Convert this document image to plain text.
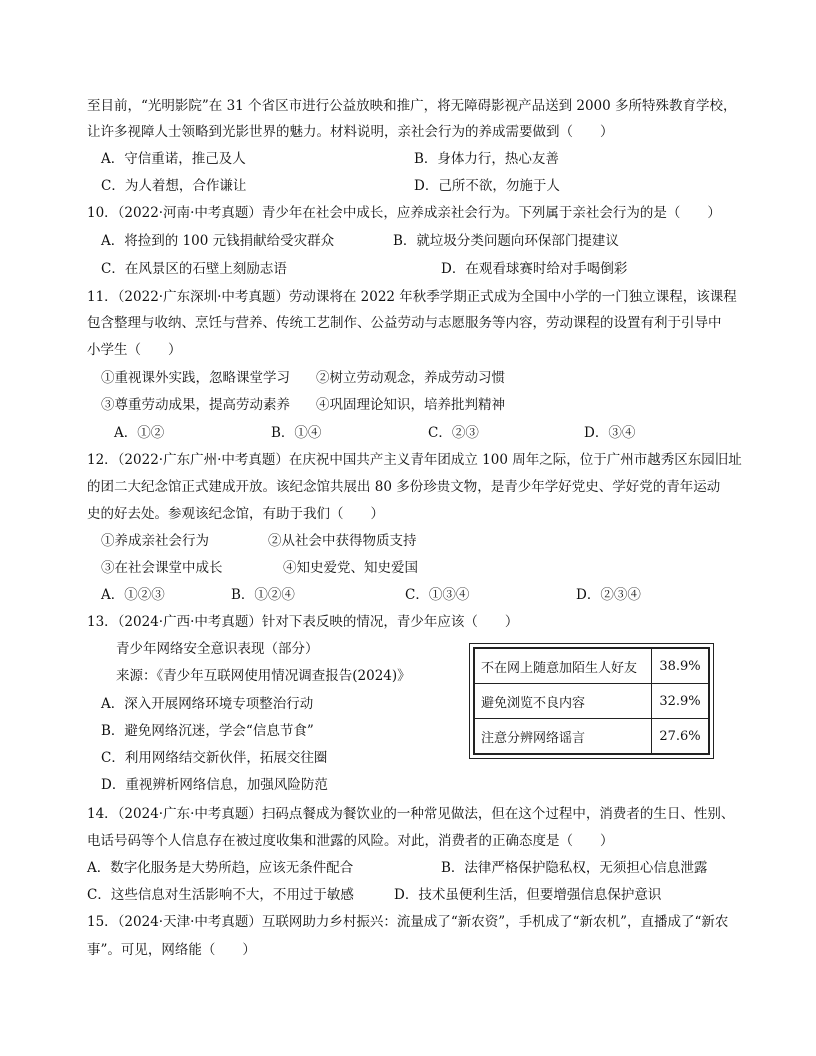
至目前，“光明影院”在 31 个省区市进行公益放映和推广，将无障碍影视产品送到 2000 多所特殊教育学校，
让许多视障人士领略到光影世界的魅力。材料说明，亲社会行为的养成需要做到（　　）
A．守信重诺，推己及人	B．身体力行，热心友善
C．为人着想，合作谦让	D．己所不欲，勿施于人
10．（2022·河南·中考真题）青少年在社会中成长，应养成亲社会行为。下列属于亲社会行为的是（　　）
A．将捡到的 100 元钱捐献给受灾群众	B．就垃圾分类问题向环保部门提建议
C．在风景区的石壁上刻励志语	D．在观看球赛时给对手喝倒彩
11．（2022·广东深圳·中考真题）劳动课将在 2022 年秋季学期正式成为全国中小学的一门独立课程，该课程
包含整理与收纳、烹饪与营养、传统工艺制作、公益劳动与志愿服务等内容，劳动课程的设置有利于引导中
小学生（　　）
①重视课外实践，忽略课堂学习 ②树立劳动观念，养成劳动习惯
③尊重劳动成果，提高劳动素养 ④巩固理论知识，培养批判精神
A．①②	B．①④	C．②③	D．③④
12．（2022·广东广州·中考真题）在庆祝中国共产主义青年团成立 100 周年之际，位于广州市越秀区东园旧址
的团二大纪念馆正式建成开放。该纪念馆共展出 80 多份珍贵文物，是青少年学好党史、学好党的青年运动
史的好去处。参观该纪念馆，有助于我们（　　）
①养成亲社会行为	②从社会中获得物质支持
③在社会课堂中成长	④知史爱党、知史爱国
A．①②③	B．①②④	C．①③④	D．②③④
13．（2024·广西·中考真题）针对下表反映的情况，青少年应该（　　）
青少年网络安全意识表现（部分）
来源：《青少年互联网使用情况调查报告(2024)》
A．深入开展网络环境专项整治行动
B．避免网络沉迷，学会“信息节食”
C．利用网络结交新伙伴，拓展交往圈
D．重视辨析网络信息，加强风险防范
不在网上随意加陌生人好友	38.9%
避免浏览不良内容	32.9%
注意分辨网络谣言	27.6%
14．（2024·广东·中考真题）扫码点餐成为餐饮业的一种常见做法，但在这个过程中，消费者的生日、性别、
电话号码等个人信息存在被过度收集和泄露的风险。对此，消费者的正确态度是（　　）
A．数字化服务是大势所趋，应该无条件配合	B．法律严格保护隐私权，无须担心信息泄露
C．这些信息对生活影响不大，不用过于敏感	D．技术虽便利生活，但要增强信息保护意识
15．（2024·天津·中考真题）互联网助力乡村振兴：流量成了“新农资”，手机成了“新农机”，直播成了“新农
事”。可见，网络能（　　）
